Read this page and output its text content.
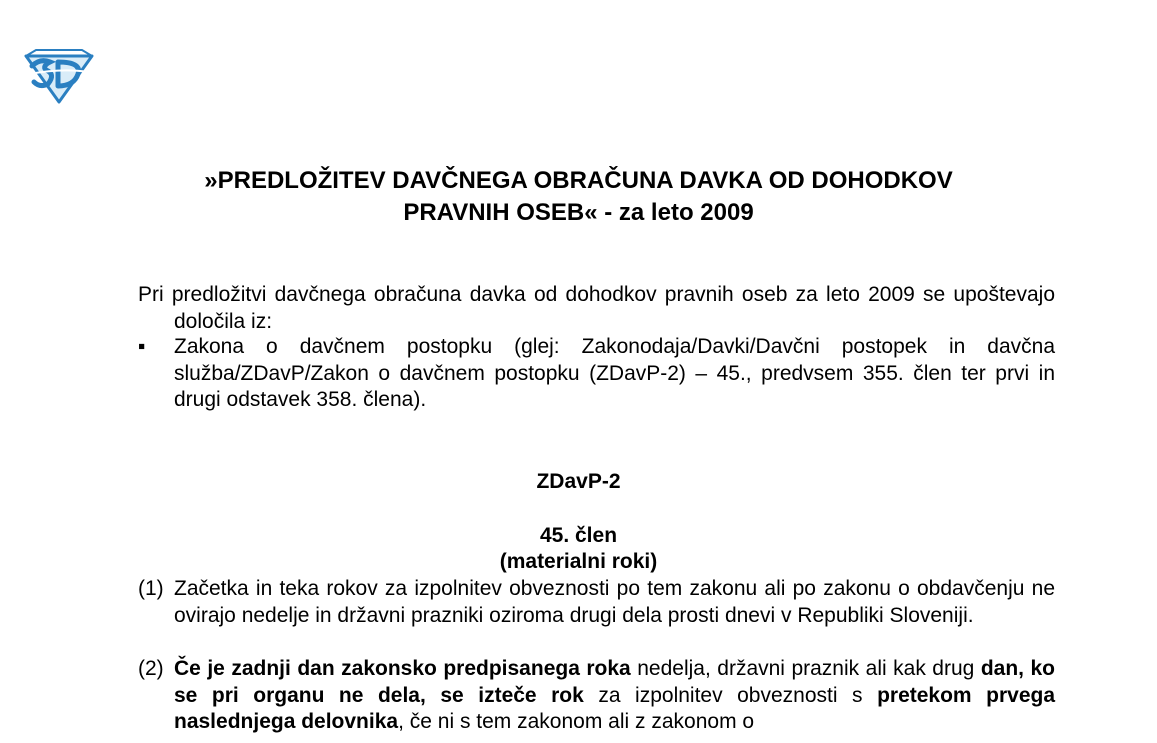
»PREDLOŽITEV DAVČNEGA OBRAČUNA DAVKA OD DOHODKOV

PRAVNIH OSEB« - za leto 2009

Pri predložitvi davčnega obračuna davka od dohodkov pravnih oseb za leto 2009 se upoštevajo določila iz:

▪ Zakona o davčnem postopku (glej: Zakonodaja/Davki/Davčni postopek in davčna služba/ZDavP/Zakon o davčnem postopku (ZDavP-2) – 45., predvsem 355. člen ter prvi in drugi odstavek 358. člena).

ZDavP-2

45. člen

(materialni roki)

(1) Začetka in teka rokov za izpolnitev obveznosti po tem zakonu ali po zakonu o obdavčenju ne ovirajo nedelje in državni prazniki oziroma drugi dela prosti dnevi v Republiki Sloveniji.

(2) Če je zadnji dan zakonsko predpisanega roka nedelja, državni praznik ali kak drug dan, ko se pri organu ne dela, se izteče rok za izpolnitev obveznosti s pretekom prvega naslednjega delovnika, če ni s tem zakonom ali z zakonom o
